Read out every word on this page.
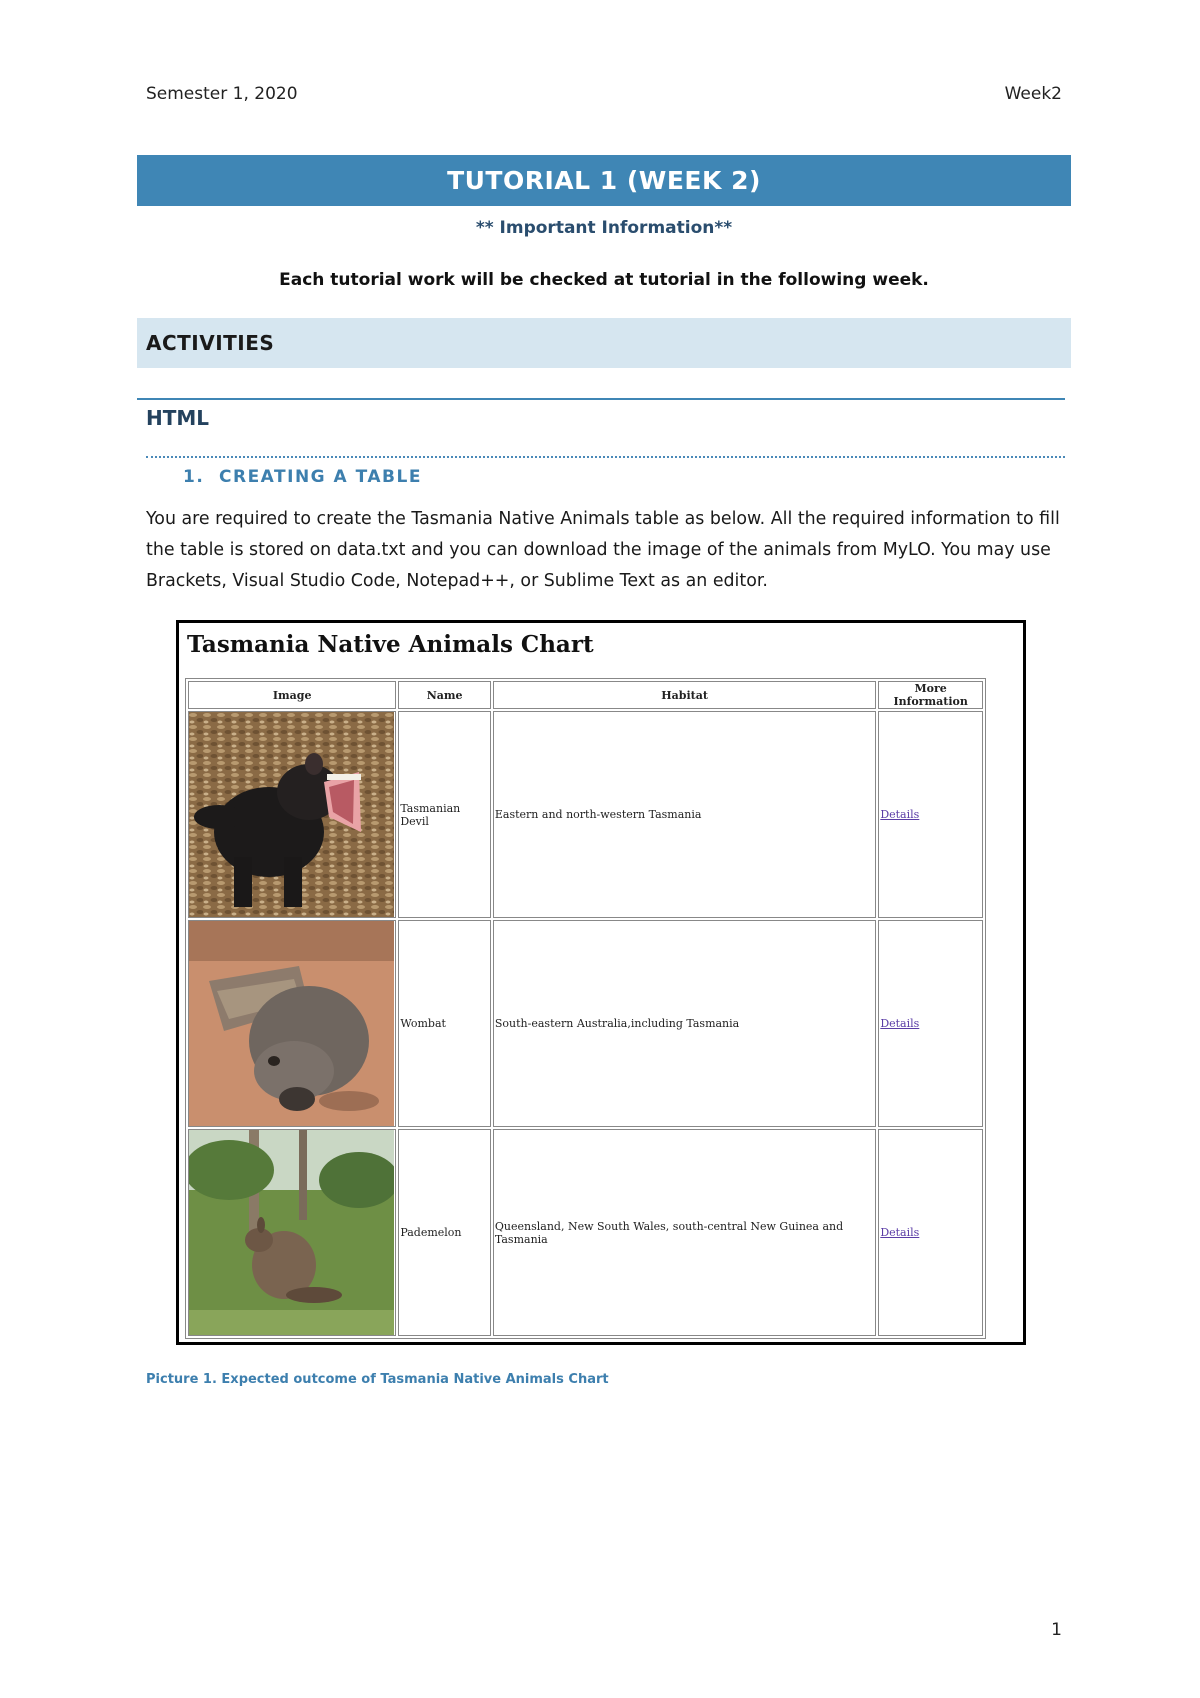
Semester 1, 2020	Week2
TUTORIAL 1 (WEEK 2)
** Important Information**
Each tutorial work will be checked at tutorial in the following week.
ACTIVITIES
HTML
1. CREATING A TABLE
You are required to create the Tasmania Native Animals table as below. All the required information to fill the table is stored on data.txt and you can download the image of the animals from MyLO. You may use Brackets, Visual Studio Code, Notepad++, or Sublime Text as an editor.
Tasmania Native Animals Chart
Image	Name	Habitat	More Information

	Tasmanian Devil	Eastern and north-western Tasmania	Details

	Wombat	South-eastern Australia,including Tasmania	Details

	Pademelon	Queensland, New South Wales, south-central New Guinea and Tasmania	Details
Picture 1. Expected outcome of Tasmania Native Animals Chart
1
